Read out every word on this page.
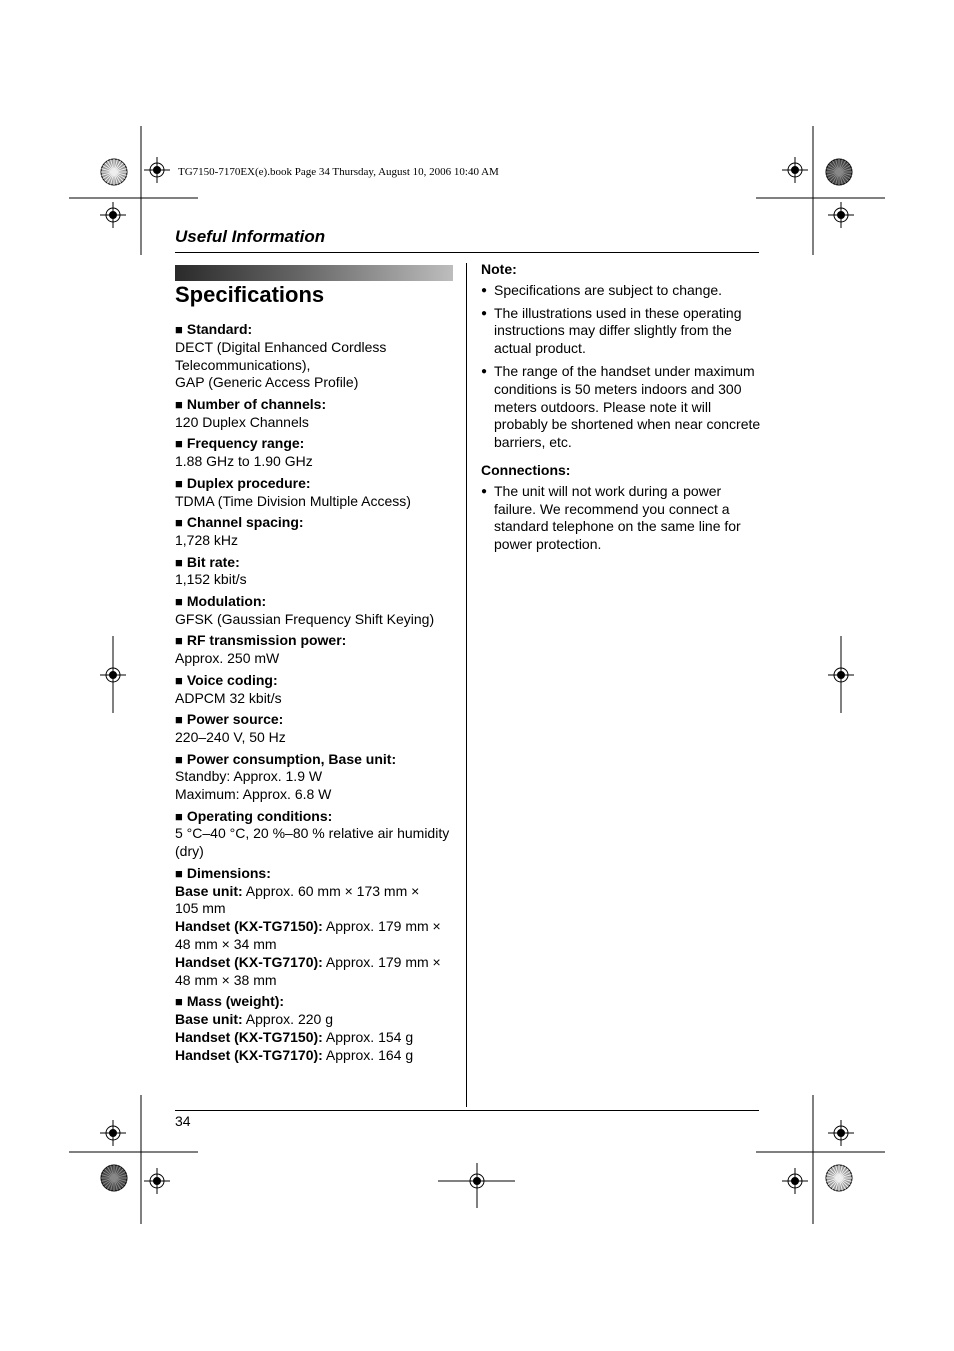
TG7150-7170EX(e).book Page 34 Thursday, August 10, 2006 10:40 AM
Useful Information
Specifications
■ Standard:
DECT (Digital Enhanced Cordless
Telecommunications),
GAP (Generic Access Profile)
■ Number of channels:
120 Duplex Channels
■ Frequency range:
1.88 GHz to 1.90 GHz
■ Duplex procedure:
TDMA (Time Division Multiple Access)
■ Channel spacing:
1,728 kHz
■ Bit rate:
1,152 kbit/s
■ Modulation:
GFSK (Gaussian Frequency Shift Keying)
■ RF transmission power:
Approx. 250 mW
■ Voice coding:
ADPCM 32 kbit/s
■ Power source:
220–240 V, 50 Hz
■ Power consumption, Base unit:
Standby: Approx. 1.9 W
Maximum: Approx. 6.8 W
■ Operating conditions:
5 °C–40 °C, 20 %–80 % relative air humidity
(dry)
■ Dimensions:
Base unit: Approx. 60 mm × 173 mm ×
105 mm
Handset (KX-TG7150): Approx. 179 mm ×
48 mm × 34 mm
Handset (KX-TG7170): Approx. 179 mm ×
48 mm × 38 mm
■ Mass (weight):
Base unit: Approx. 220 g
Handset (KX-TG7150): Approx. 154 g
Handset (KX-TG7170): Approx. 164 g
Note:
● Specifications are subject to change.
● The illustrations used in these operating instructions may differ slightly from the actual product.
● The range of the handset under maximum conditions is 50 meters indoors and 300 meters outdoors. Please note it will probably be shortened when near concrete barriers, etc.
Connections:
● The unit will not work during a power failure. We recommend you connect a standard telephone on the same line for power protection.
34
